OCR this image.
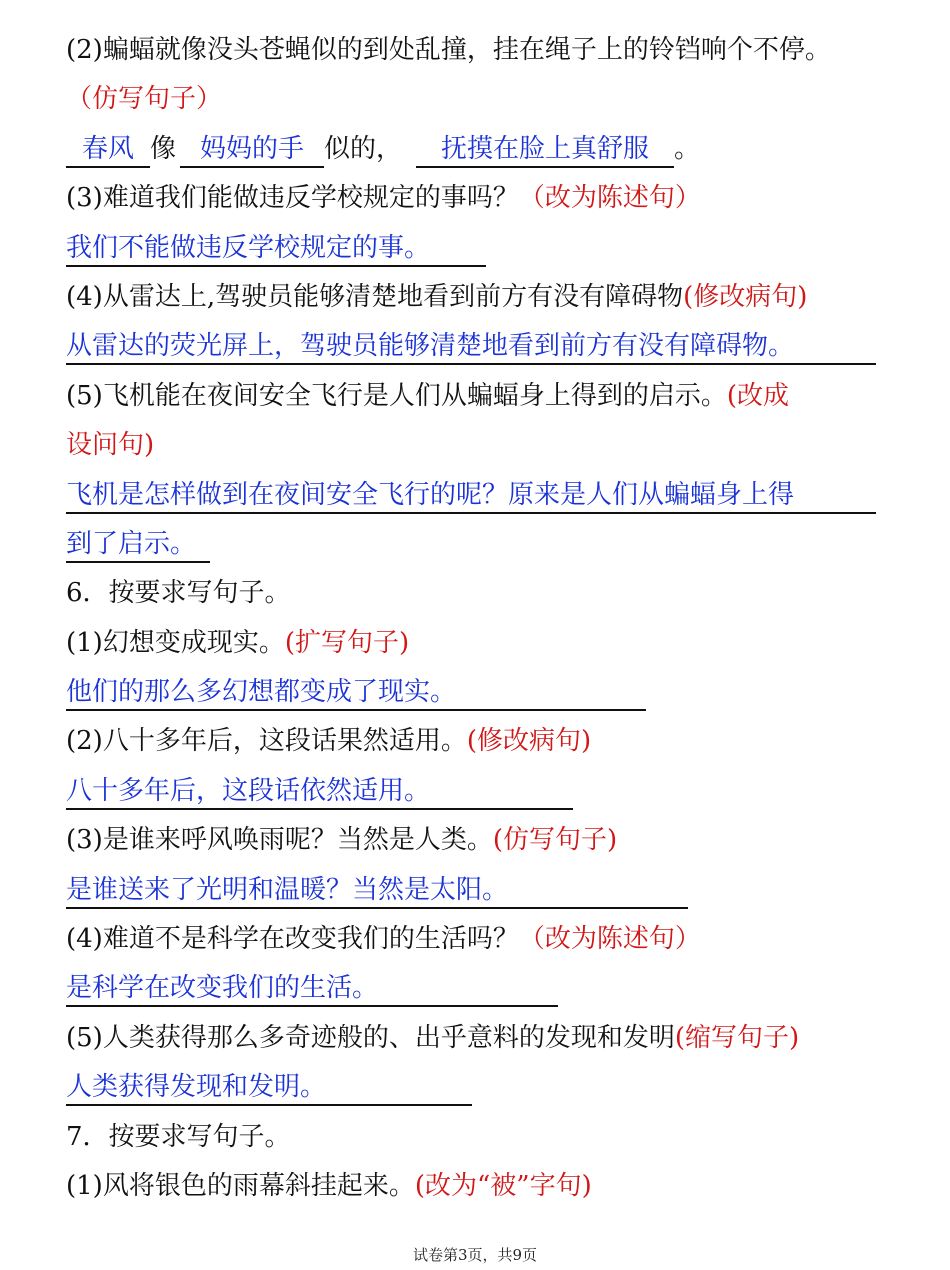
(2)蝙蝠就像没头苍蝇似的到处乱撞，挂在绳子上的铃铛响个不停。
（仿写句子）
春风 像 妈妈的手 似的， 抚摸在脸上真舒服 。
(3)难道我们能做违反学校规定的事吗？（改为陈述句）
我们不能做违反学校规定的事。
(4)从雷达上,驾驶员能够清楚地看到前方有没有障碍物(修改病句)
从雷达的荧光屏上，驾驶员能够清楚地看到前方有没有障碍物。
(5)飞机能在夜间安全飞行是人们从蝙蝠身上得到的启示。(改成
设问句)
飞机是怎样做到在夜间安全飞行的呢？原来是人们从蝙蝠身上得
到了启示。
6．按要求写句子。
(1)幻想变成现实。(扩写句子)
他们的那么多幻想都变成了现实。
(2)八十多年后，这段话果然适用。(修改病句)
八十多年后，这段话依然适用。
(3)是谁来呼风唤雨呢？当然是人类。(仿写句子)
是谁送来了光明和温暖？当然是太阳。
(4)难道不是科学在改变我们的生活吗？（改为陈述句）
是科学在改变我们的生活。
(5)人类获得那么多奇迹般的、出乎意料的发现和发明(缩写句子)
人类获得发现和发明。
7．按要求写句子。
(1)风将银色的雨幕斜挂起来。(改为“被”字句)
试卷第3页，共9页
